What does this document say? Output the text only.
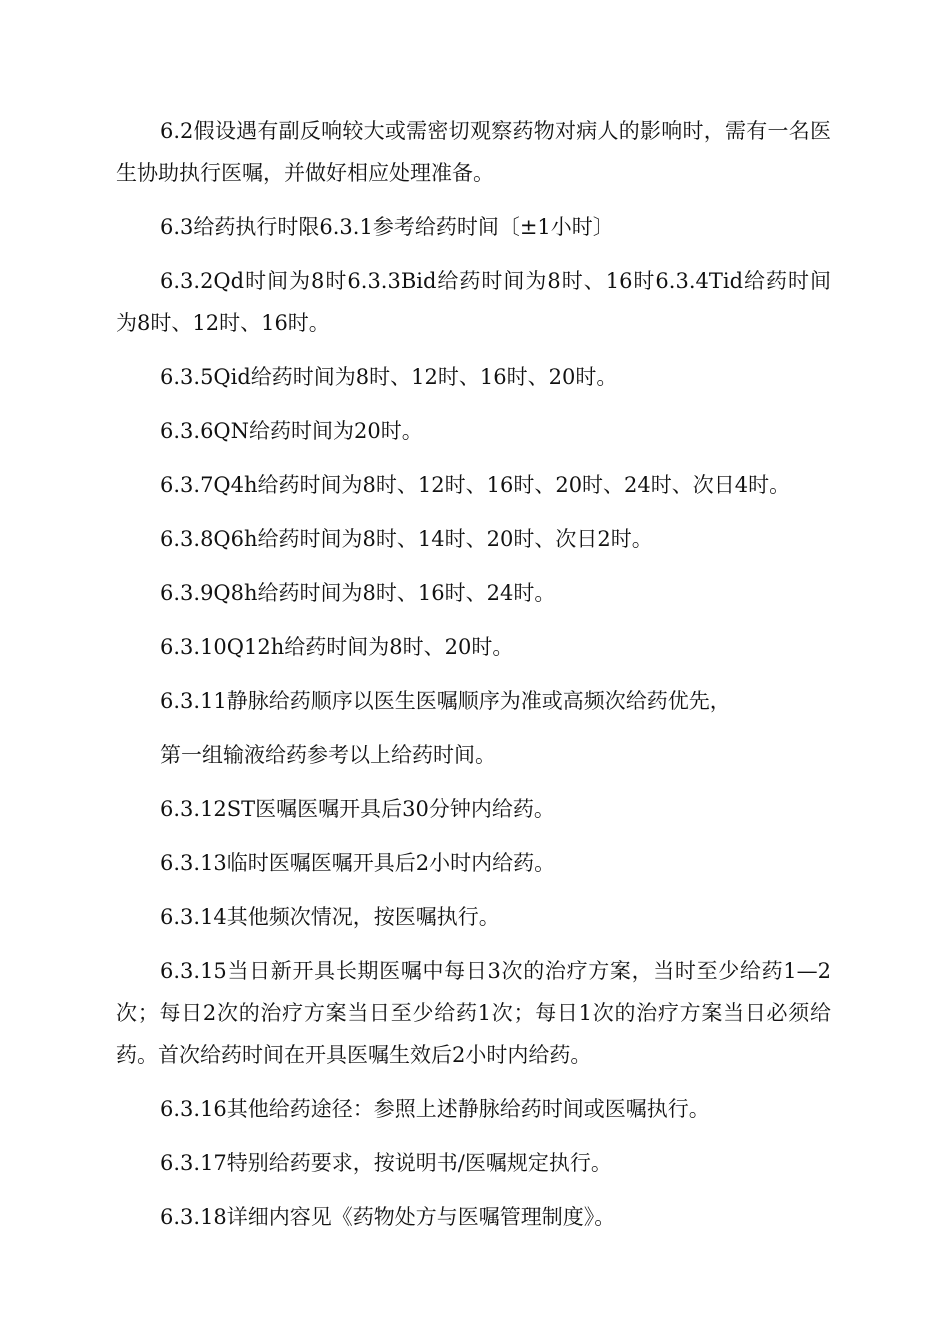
6.2假设遇有副反响较大或需密切观察药物对病人的影响时，需有一名医生协助执行医嘱，并做好相应处理准备。

6.3给药执行时限6.3.1参考给药时间〔±1小时〕

6.3.2Qd时间为8时6.3.3Bid给药时间为8时、16时6.3.4Tid给药时间为8时、12时、16时。

6.3.5Qid给药时间为8时、12时、16时、20时。

6.3.6QN给药时间为20时。

6.3.7Q4h给药时间为8时、12时、16时、20时、24时、次日4时。

6.3.8Q6h给药时间为8时、14时、20时、次日2时。

6.3.9Q8h给药时间为8时、16时、24时。

6.3.10Q12h给药时间为8时、20时。

6.3.11静脉给药顺序以医生医嘱顺序为准或高频次给药优先，

第一组输液给药参考以上给药时间。

6.3.12ST医嘱医嘱开具后30分钟内给药。

6.3.13临时医嘱医嘱开具后2小时内给药。

6.3.14其他频次情况，按医嘱执行。

6.3.15当日新开具长期医嘱中每日3次的治疗方案，当时至少给药1—2次；每日2次的治疗方案当日至少给药1次；每日1次的治疗方案当日必须给药。首次给药时间在开具医嘱生效后2小时内给药。

6.3.16其他给药途径：参照上述静脉给药时间或医嘱执行。

6.3.17特别给药要求，按说明书/医嘱规定执行。

6.3.18详细内容见《药物处方与医嘱管理制度》。
